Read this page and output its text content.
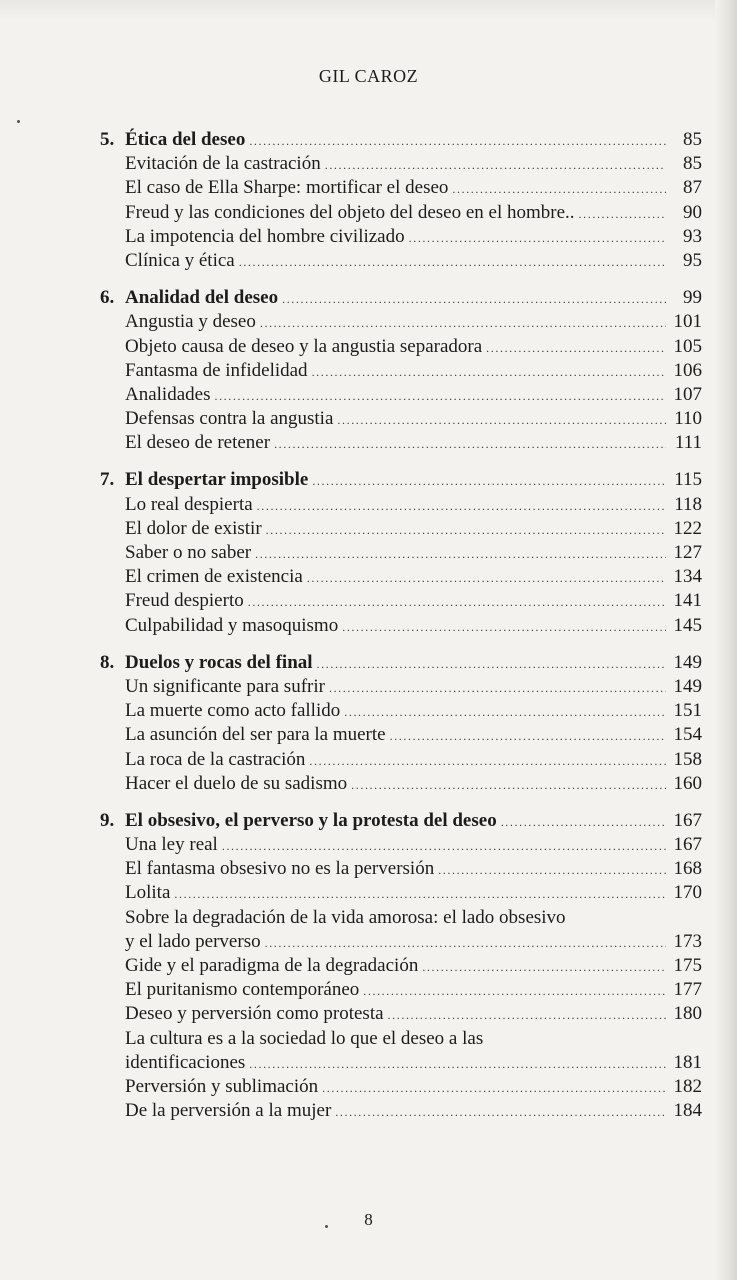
GIL CAROZ
5. Ética del deseo .....	85
Evitación de la castración .....	85
El caso de Ella Sharpe: mortificar el deseo .....	87
Freud y las condiciones del objeto del deseo en el hombre.. .....	90
La impotencia del hombre civilizado .....	93
Clínica y ética .....	95
6. Analidad del deseo .....	99
Angustia y deseo .....	101
Objeto causa de deseo y la angustia separadora .....	105
Fantasma de infidelidad .....	106
Analidades .....	107
Defensas contra la angustia .....	110
El deseo de retener .....	111
7. El despertar imposible .....	115
Lo real despierta .....	118
El dolor de existir .....	122
Saber o no saber .....	127
El crimen de existencia .....	134
Freud despierto .....	141
Culpabilidad y masoquismo .....	145
8. Duelos y rocas del final .....	149
Un significante para sufrir .....	149
La muerte como acto fallido .....	151
La asunción del ser para la muerte .....	154
La roca de la castración .....	158
Hacer el duelo de su sadismo .....	160
9. El obsesivo, el perverso y la protesta del deseo .....	167
Una ley real .....	167
El fantasma obsesivo no es la perversión .....	168
Lolita .....	170
Sobre la degradación de la vida amorosa: el lado obsesivo
y el lado perverso .....	173
Gide y el paradigma de la degradación .....	175
El puritanismo contemporáneo .....	177
Deseo y perversión como protesta .....	180
La cultura es a la sociedad lo que el deseo a las
identificaciones .....	181
Perversión y sublimación .....	182
De la perversión a la mujer .....	184
8
